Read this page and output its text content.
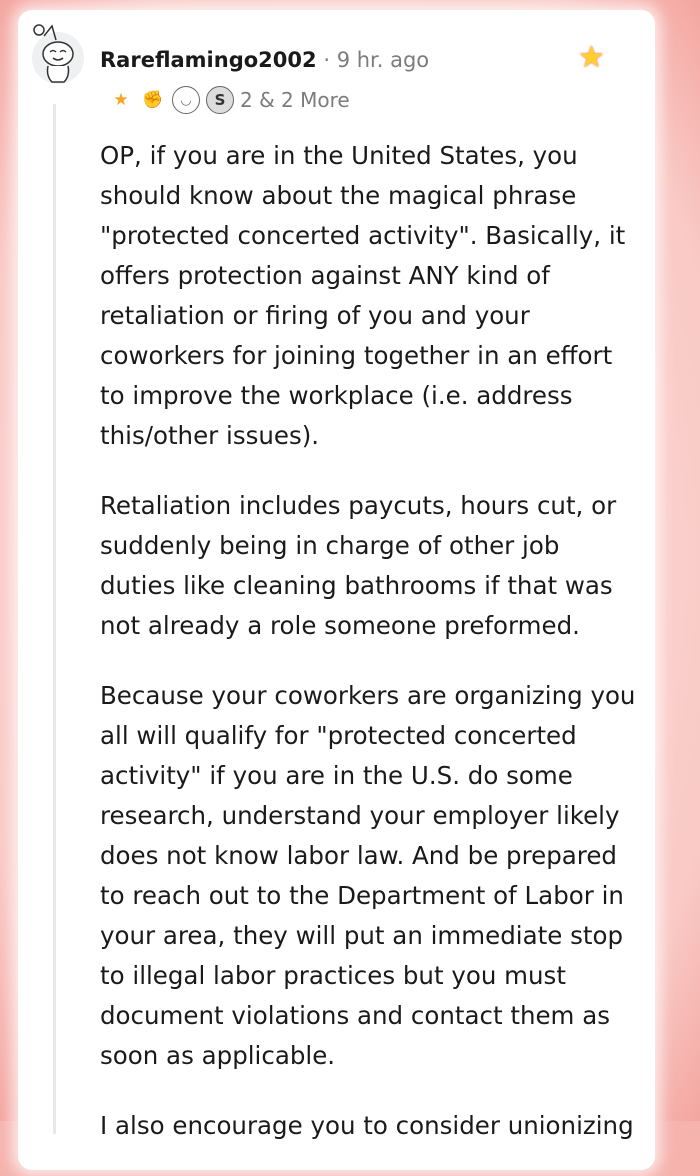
Rareflamingo2002 · 9 hr. ago	★
★ ✊	◡	S 2 & 2 More
OP, if you are in the United States, you
should know about the magical phrase
"protected concerted activity". Basically, it
offers protection against ANY kind of
retaliation or firing of you and your
coworkers for joining together in an effort
to improve the workplace (i.e. address
this/other issues).
Retaliation includes paycuts, hours cut, or
suddenly being in charge of other job
duties like cleaning bathrooms if that was
not already a role someone preformed.
Because your coworkers are organizing you
all will qualify for "protected concerted
activity" if you are in the U.S. do some
research, understand your employer likely
does not know labor law. And be prepared
to reach out to the Department of Labor in
your area, they will put an immediate stop
to illegal labor practices but you must
document violations and contact them as
soon as applicable.
I also encourage you to consider unionizing
